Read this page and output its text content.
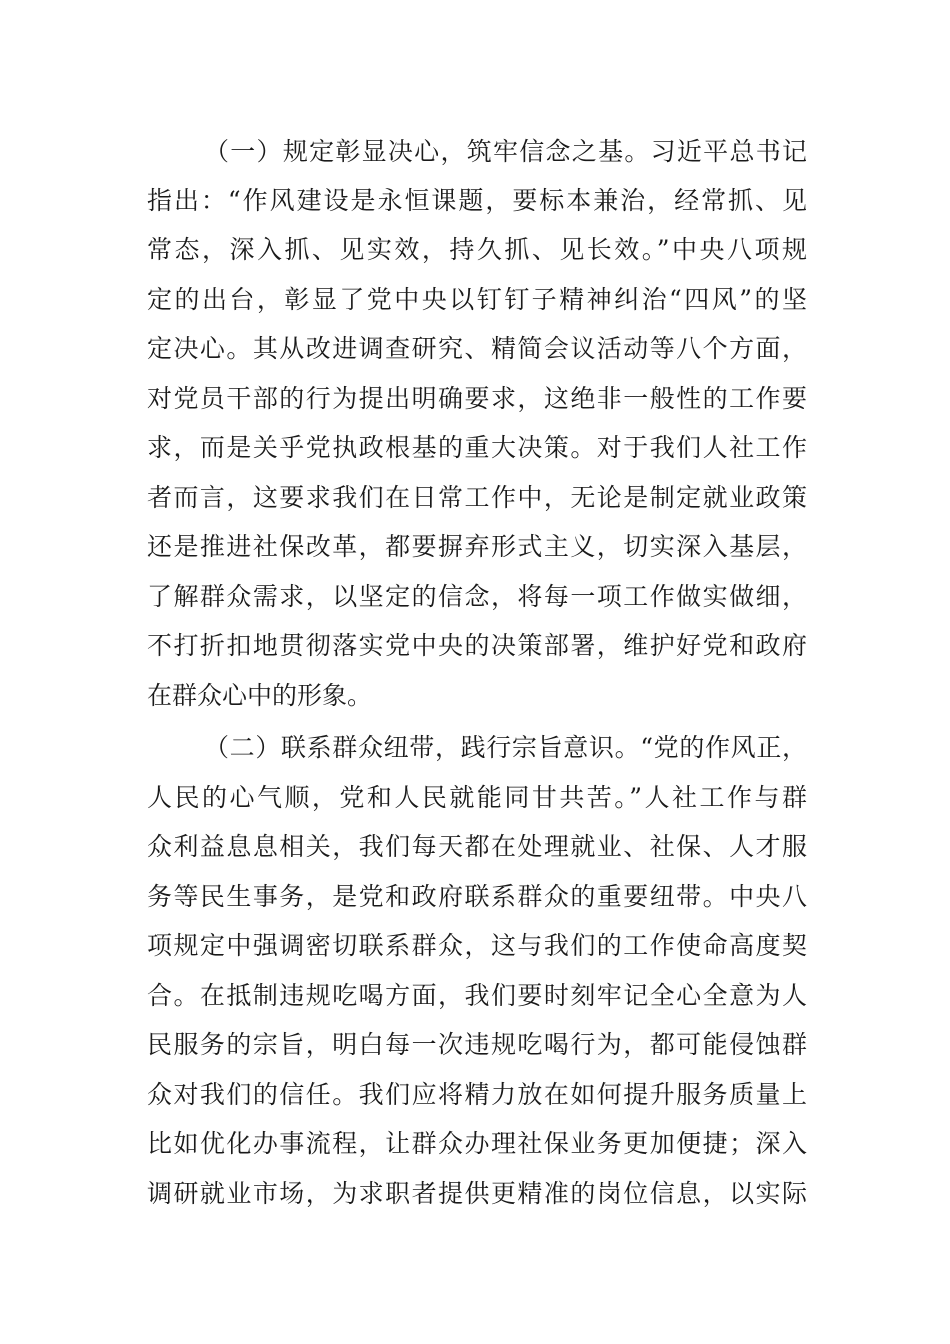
（一）规定彰显决心，筑牢信念之基。习近平总书记
指出：“作风建设是永恒课题，要标本兼治，经常抓、见
常态，深入抓、见实效，持久抓、见长效。”中央八项规
定的出台，彰显了党中央以钉钉子精神纠治“四风”的坚
定决心。其从改进调查研究、精简会议活动等八个方面，
对党员干部的行为提出明确要求，这绝非一般性的工作要
求，而是关乎党执政根基的重大决策。对于我们人社工作
者而言，这要求我们在日常工作中，无论是制定就业政策
还是推进社保改革，都要摒弃形式主义，切实深入基层，
了解群众需求，以坚定的信念，将每一项工作做实做细，
不打折扣地贯彻落实党中央的决策部署，维护好党和政府
在群众心中的形象。
（二）联系群众纽带，践行宗旨意识。“党的作风正，
人民的心气顺，党和人民就能同甘共苦。”人社工作与群
众利益息息相关，我们每天都在处理就业、社保、人才服
务等民生事务，是党和政府联系群众的重要纽带。中央八
项规定中强调密切联系群众，这与我们的工作使命高度契
合。在抵制违规吃喝方面，我们要时刻牢记全心全意为人
民服务的宗旨，明白每一次违规吃喝行为，都可能侵蚀群
众对我们的信任。我们应将精力放在如何提升服务质量上
比如优化办事流程，让群众办理社保业务更加便捷；深入
调研就业市场，为求职者提供更精准的岗位信息，以实际
